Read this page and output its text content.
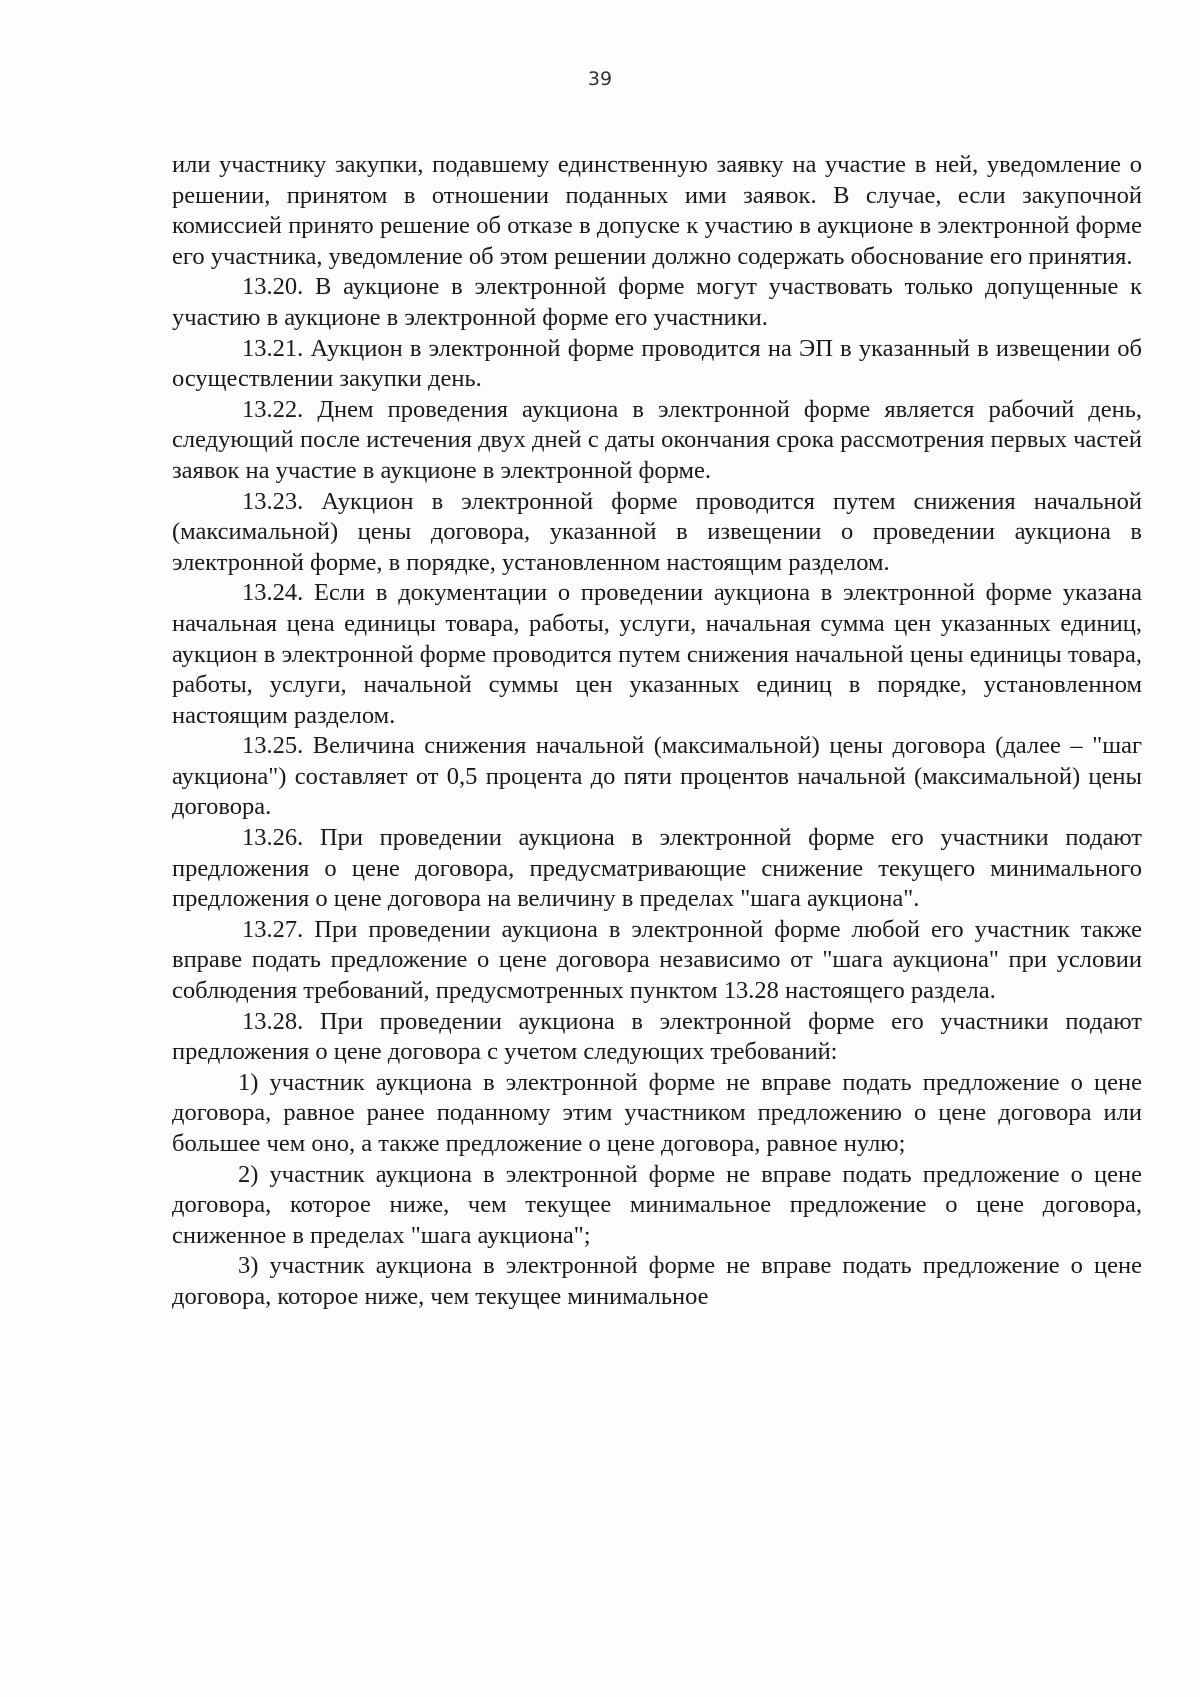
39

или участнику закупки, подавшему единственную заявку на участие в ней, уведомление о решении, принятом в отношении поданных ими заявок. В случае, если закупочной комиссией принято решение об отказе в допуске к участию в аукционе в электронной форме его участника, уведомление об этом решении должно содержать обоснование его принятия.

13.20. В аукционе в электронной форме могут участвовать только допущенные к участию в аукционе в электронной форме его участники.

13.21. Аукцион в электронной форме проводится на ЭП в указанный в извещении об осуществлении закупки день.

13.22. Днем проведения аукциона в электронной форме является рабочий день, следующий после истечения двух дней с даты окончания срока рассмотрения первых частей заявок на участие в аукционе в электронной форме.

13.23. Аукцион в электронной форме проводится путем снижения начальной (максимальной) цены договора, указанной в извещении о проведении аукциона в электронной форме, в порядке, установленном настоящим разделом.

13.24. Если в документации о проведении аукциона в электронной форме указана начальная цена единицы товара, работы, услуги, начальная сумма цен указанных единиц, аукцион в электронной форме проводится путем снижения начальной цены единицы товара, работы, услуги, начальной суммы цен указанных единиц в порядке, установленном настоящим разделом.

13.25. Величина снижения начальной (максимальной) цены договора (далее – "шаг аукциона") составляет от 0,5 процента до пяти процентов начальной (максимальной) цены договора.

13.26. При проведении аукциона в электронной форме его участники подают предложения о цене договора, предусматривающие снижение текущего минимального предложения о цене договора на величину в пределах "шага аукциона".

13.27. При проведении аукциона в электронной форме любой его участник также вправе подать предложение о цене договора независимо от "шага аукциона" при условии соблюдения требований, предусмотренных пунктом 13.28 настоящего раздела.

13.28. При проведении аукциона в электронной форме его участники подают предложения о цене договора с учетом следующих требований:

1) участник аукциона в электронной форме не вправе подать предложение о цене договора, равное ранее поданному этим участником предложению о цене договора или большее чем оно, а также предложение о цене договора, равное нулю;

2) участник аукциона в электронной форме не вправе подать предложение о цене договора, которое ниже, чем текущее минимальное предложение о цене договора, сниженное в пределах "шага аукциона";

3) участник аукциона в электронной форме не вправе подать предложение о цене договора, которое ниже, чем текущее минимальное
